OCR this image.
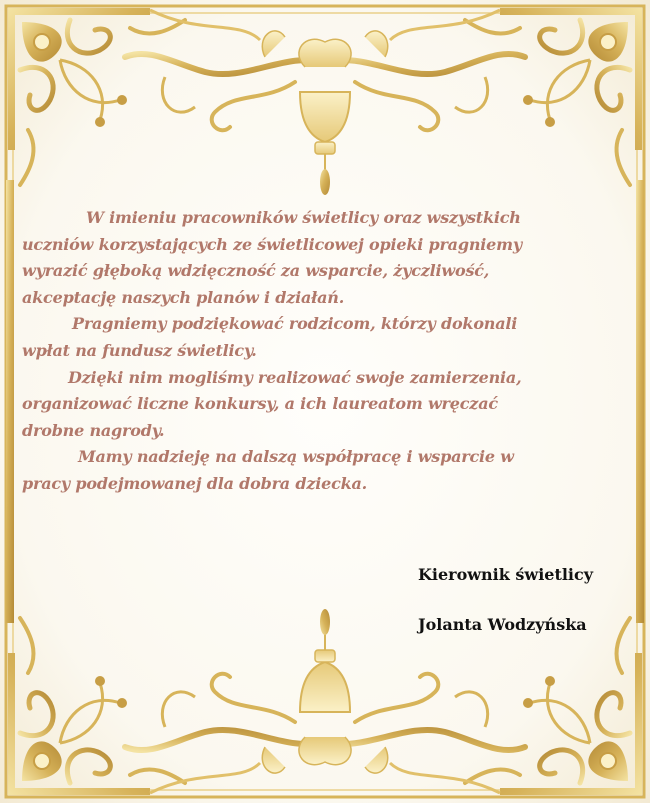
W imieniu pracowników świetlicy oraz wszystkich
uczniów korzystających ze świetlicowej opieki pragniemy
wyrazić głęboką wdzięczność za wsparcie, życzliwość,
akceptację naszych planów i działań.
Pragniemy podziękować rodzicom, którzy dokonali
wpłat na fundusz świetlicy.
Dzięki nim mogliśmy realizować swoje zamierzenia,
organizować liczne konkursy, a ich laureatom wręczać
drobne nagrody.
Mamy nadzieję na dalszą współpracę i wsparcie w
pracy podejmowanej dla dobra dziecka.
Kierownik świetlicy
Jolanta Wodzyńska
